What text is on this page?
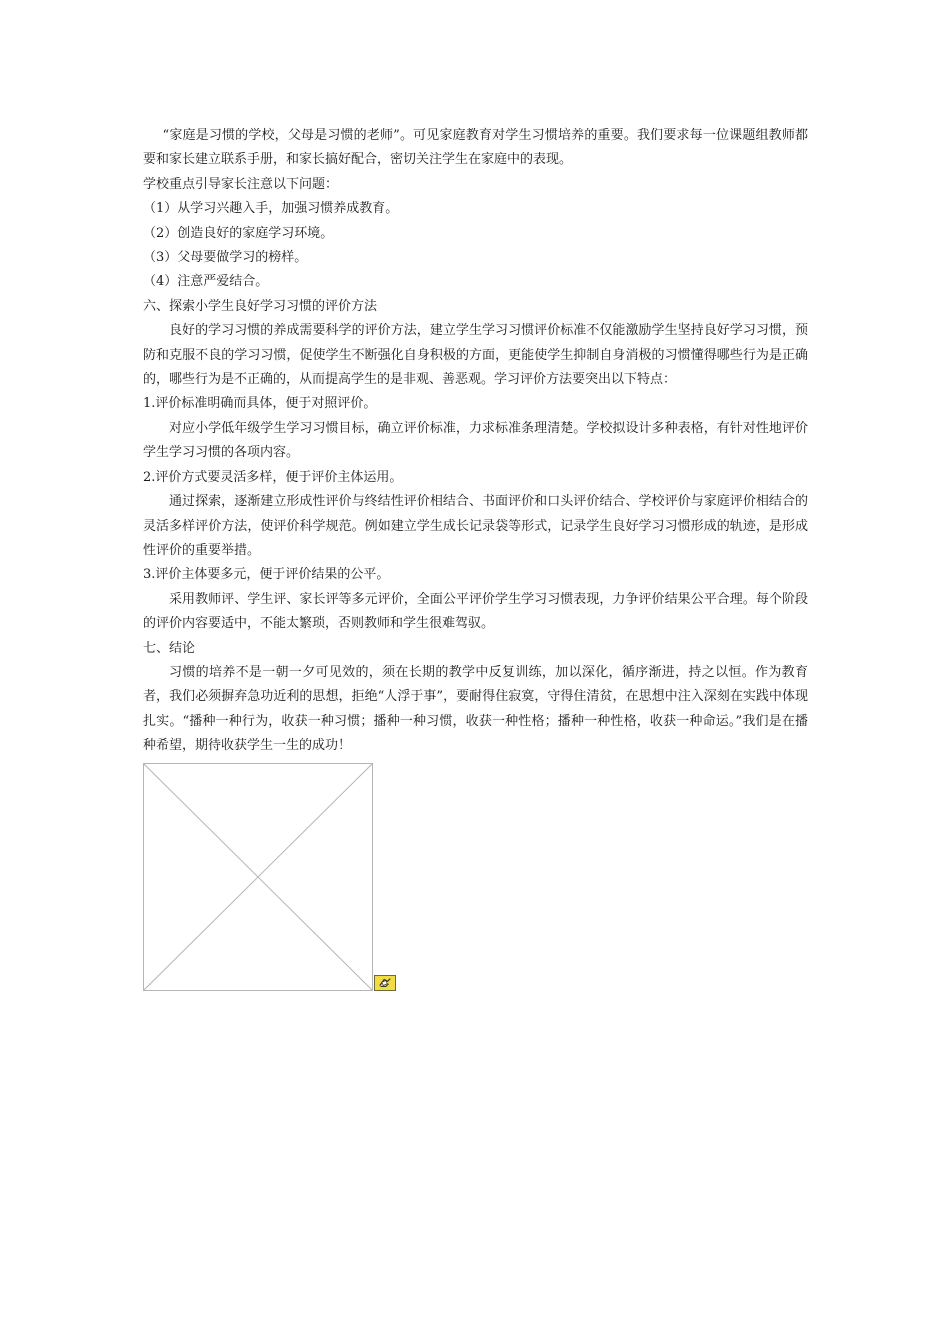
“家庭是习惯的学校，父母是习惯的老师”。可见家庭教育对学生习惯培养的重要。我们要求每一位课题组教师都要和家长建立联系手册，和家长搞好配合，密切关注学生在家庭中的表现。

学校重点引导家长注意以下问题：

（1）从学习兴趣入手，加强习惯养成教育。

（2）创造良好的家庭学习环境。

（3）父母要做学习的榜样。

（4）注意严爱结合。

六、探索小学生良好学习习惯的评价方法

良好的学习习惯的养成需要科学的评价方法，建立学生学习习惯评价标准不仅能激励学生坚持良好学习习惯，预防和克服不良的学习习惯，促使学生不断强化自身积极的方面，更能使学生抑制自身消极的习惯懂得哪些行为是正确的，哪些行为是不正确的，从而提高学生的是非观、善恶观。学习评价方法要突出以下特点：

1.评价标准明确而具体，便于对照评价。

对应小学低年级学生学习习惯目标，确立评价标准，力求标准条理清楚。学校拟设计多种表格，有针对性地评价学生学习习惯的各项内容。

2.评价方式要灵活多样，便于评价主体运用。

通过探索，逐渐建立形成性评价与终结性评价相结合、书面评价和口头评价结合、学校评价与家庭评价相结合的灵活多样评价方法，使评价科学规范。例如建立学生成长记录袋等形式，记录学生良好学习习惯形成的轨迹，是形成性评价的重要举措。

3.评价主体要多元，便于评价结果的公平。

采用教师评、学生评、家长评等多元评价，全面公平评价学生学习习惯表现，力争评价结果公平合理。每个阶段的评价内容要适中，不能太繁琐，否则教师和学生很难驾驭。

七、结论

习惯的培养不是一朝一夕可见效的，须在长期的教学中反复训练，加以深化，循序渐进，持之以恒。作为教育者，我们必须摒弃急功近利的思想，拒绝“人浮于事”，要耐得住寂寞，守得住清贫，在思想中注入深刻在实践中体现扎实。“播种一种行为，收获一种习惯；播种一种习惯，收获一种性格；播种一种性格，收获一种命运。”我们是在播种希望，期待收获学生一生的成功！
